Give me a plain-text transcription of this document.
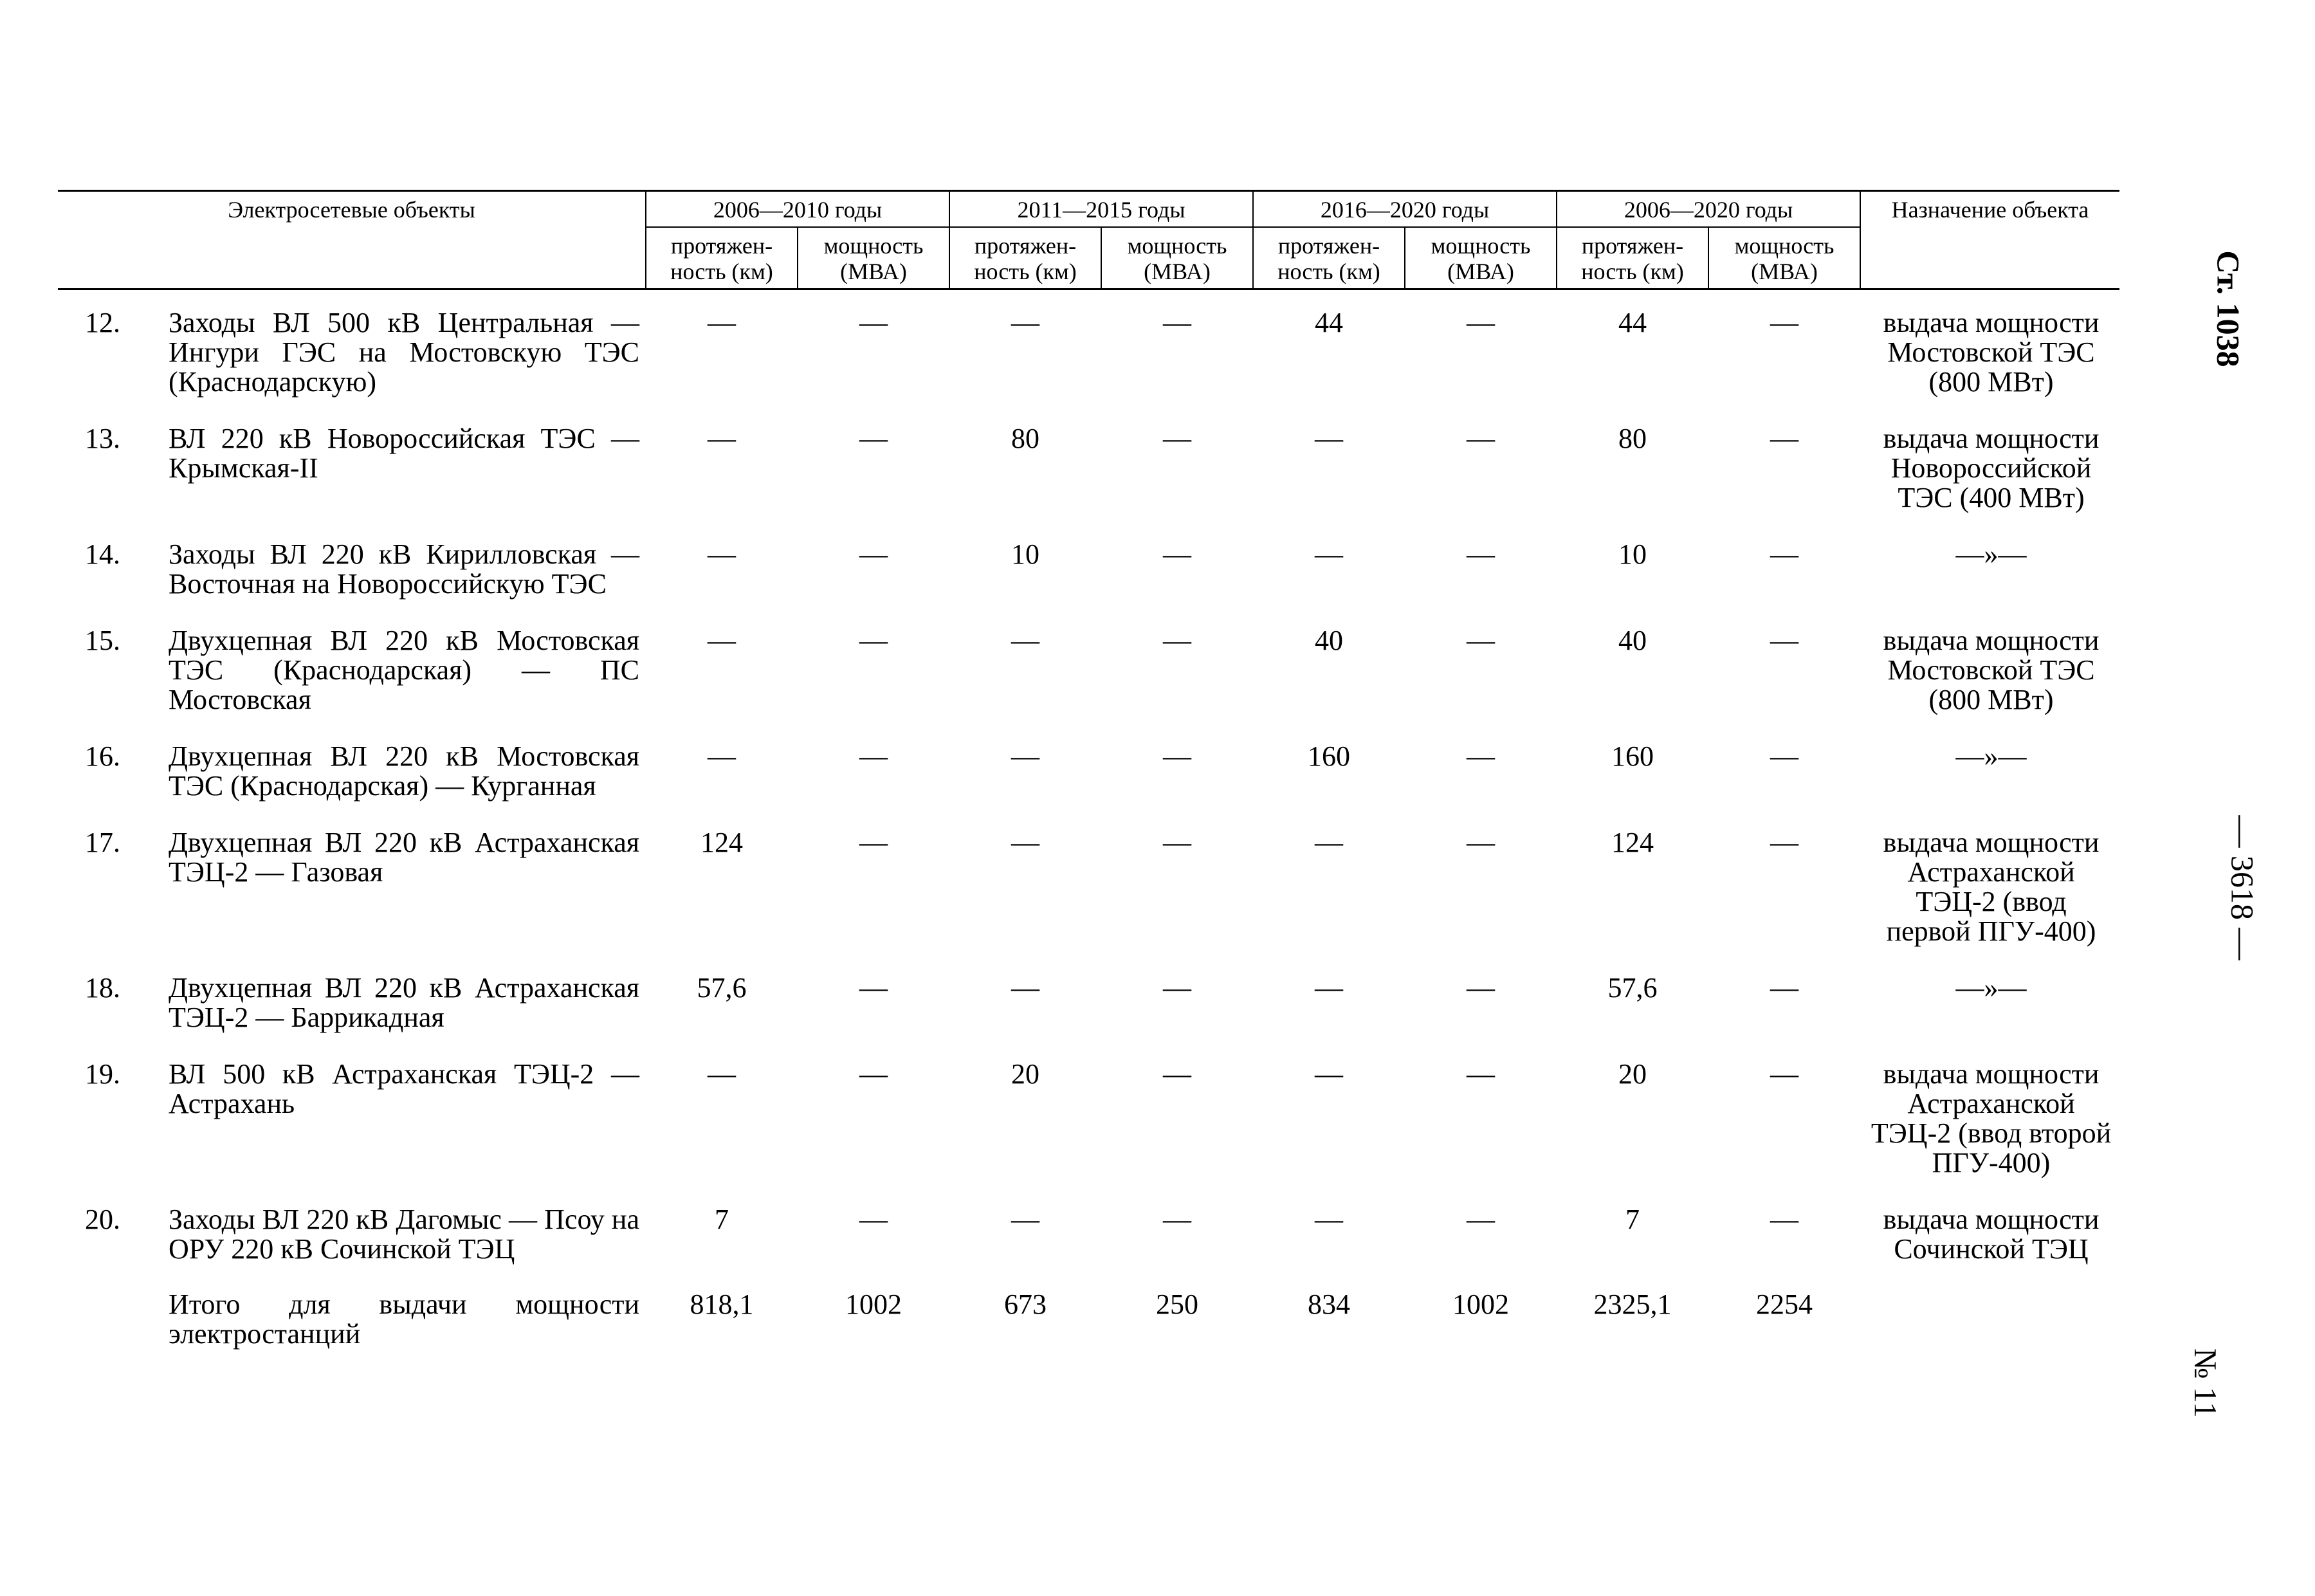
Электросетевые объекты	2006—2010 годы		2011—2015 годы		2016—2020 годы		2006—2020 годы		Назначение объекта
	протяжен-ность (км)	мощность (МВА)	протяжен-ность (км)	мощность (МВА)	протяжен-ность (км)	мощность (МВА)	протяжен-ность (км)	мощность (МВА)	

12. Заходы ВЛ 500 кВ Центральная — Ингури ГЭС на Мостовскую ТЭС (Краснодарскую)	—	—	—	—	44	—	44	—	выдача мощности Мостовской ТЭС (800 МВт)

13. ВЛ 220 кВ Новороссийская ТЭС — Крымская-II	—	—	80	—	—	—	80	—	выдача мощности Новороссийской ТЭС (400 МВт)

14. Заходы ВЛ 220 кВ Кирилловская — Восточная на Новороссийскую ТЭС	—	—	10	—	—	—	10	—	—»—

15. Двухцепная ВЛ 220 кВ Мостовская ТЭС (Краснодарская) — ПС Мостовская	—	—	—	—	40	—	40	—	выдача мощности Мостовской ТЭС (800 МВт)

16. Двухцепная ВЛ 220 кВ Мостовская ТЭС (Краснодарская) — Курганная	—	—	—	—	160	—	160	—	—»—

17. Двухцепная ВЛ 220 кВ Астраханская ТЭЦ-2 — Газовая	124	—	—	—	—	—	124	—	выдача мощности Астраханской ТЭЦ-2 (ввод первой ПГУ-400)

18. Двухцепная ВЛ 220 кВ Астраханская ТЭЦ-2 — Баррикадная	57,6	—	—	—	—	—	57,6	—	—»—

19. ВЛ 500 кВ Астраханская ТЭЦ-2 — Астрахань	—	—	20	—	—	—	20	—	выдача мощности Астраханской ТЭЦ-2 (ввод второй ПГУ-400)

20. Заходы ВЛ 220 кВ Дагомыс — Псоу на ОРУ 220 кВ Сочинской ТЭЦ	7	—	—	—	—	—	7	—	выдача мощности Сочинской ТЭЦ

Итого для выдачи мощности электростанций	818,1	1002	673	250	834	1002	2325,1	2254	
Ст. 1038
— 3618 —
№ 11
